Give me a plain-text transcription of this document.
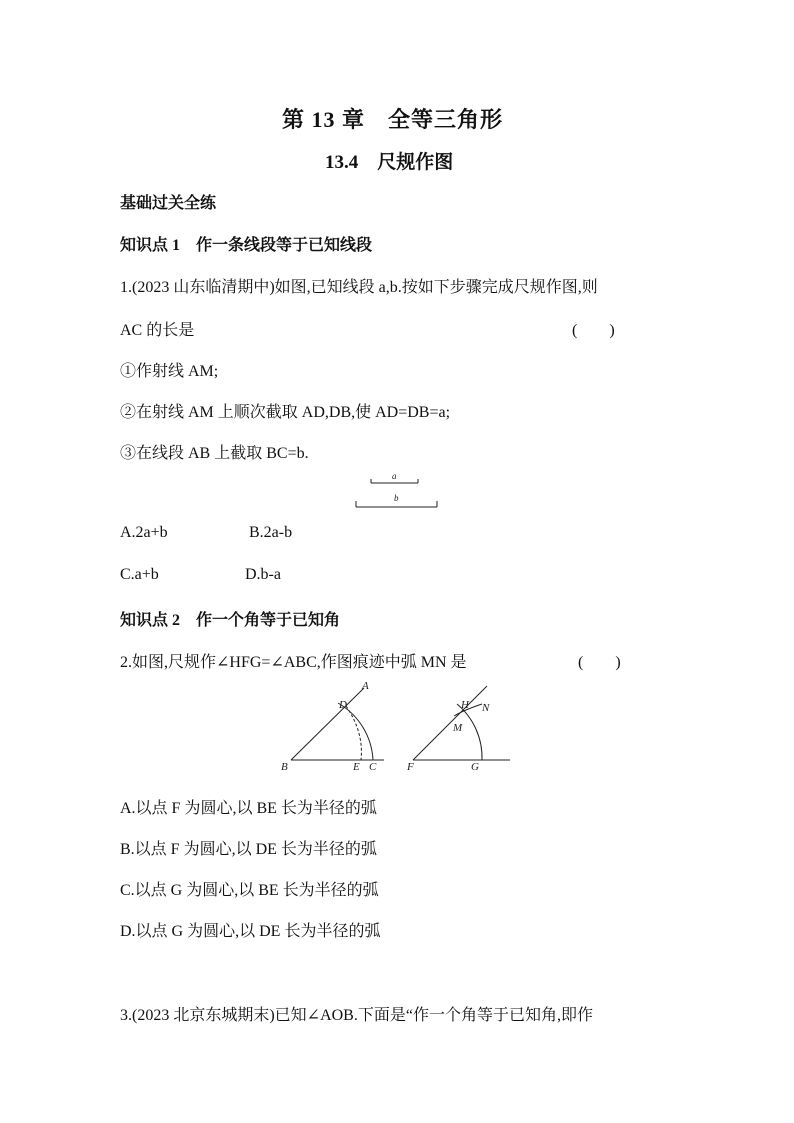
第 13 章　全等三角形
13.4　尺规作图
基础过关全练
知识点 1　作一条线段等于已知线段
1.(2023 山东临清期中)如图,已知线段 a,b.按如下步骤完成尺规作图,则
AC 的长是	(　　)
①作射线 AM;
②在射线 AM 上顺次截取 AD,DB,使 AD=DB=a;
③在线段 AB 上截取 BC=b.
a
b
A.2a+b	B.2a-b
C.a+b	D.b-a
知识点 2　作一个角等于已知角
2.如图,尺规作∠HFG=∠ABC,作图痕迹中弧 MN 是	(　　)
A
B	C
D
E	F	G
H
M
N
A.以点 F 为圆心,以 BE 长为半径的弧
B.以点 F 为圆心,以 DE 长为半径的弧
C.以点 G 为圆心,以 BE 长为半径的弧
D.以点 G 为圆心,以 DE 长为半径的弧
3.(2023 北京东城期末)已知∠AOB.下面是“作一个角等于已知角,即作
